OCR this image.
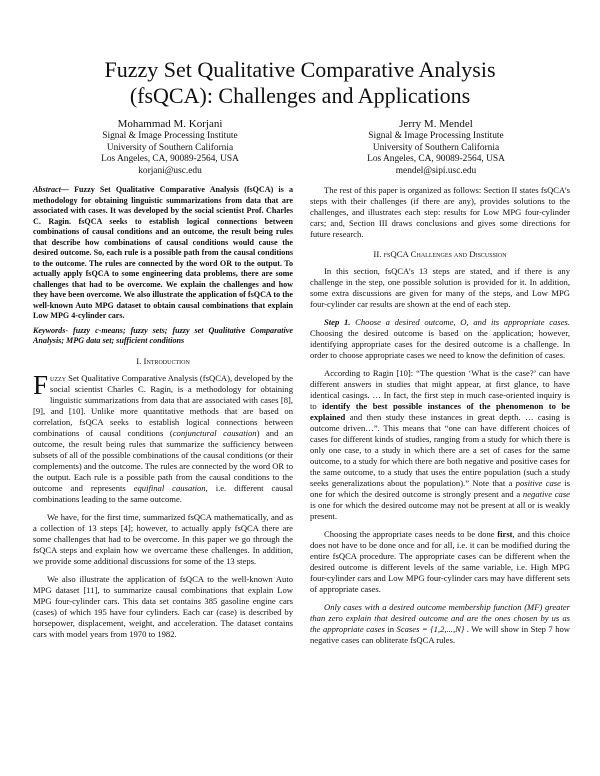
Fuzzy Set Qualitative Comparative Analysis
(fsQCA): Challenges and Applications
Mohammad M. Korjani
Signal & Image Processing Institute
University of Southern California
Los Angeles, CA, 90089-2564, USA
korjani@usc.edu
Jerry M. Mendel
Signal & Image Processing Institute
University of Southern California
Los Angeles, CA, 90089-2564, USA
mendel@sipi.usc.edu

Abstract— Fuzzy Set Qualitative Comparative Analysis (fsQCA) is a methodology for obtaining linguistic summarizations from data that are associated with cases. It was developed by the social scientist Prof. Charles C. Ragin. fsQCA seeks to establish logical connections between combinations of causal conditions and an outcome, the result being rules that describe how combinations of causal conditions would cause the desired outcome. So, each rule is a possible path from the causal conditions to the outcome. The rules are connected by the word OR to the output. To actually apply fsQCA to some engineering data problems, there are some challenges that had to be overcome. We explain the challenges and how they have been overcome. We also illustrate the application of fsQCA to the well-known Auto MPG dataset to obtain causal combinations that explain Low MPG 4-cylinder cars.

Keywords- fuzzy c-means; fuzzy sets; fuzzy set Qualitative Comparative Analysis; MPG data set; sufficient conditions

I. Introduction

Fuzzy Set Qualitative Comparative Analysis (fsQCA), developed by the social scientist Charles C. Ragin, is a methodology for obtaining linguistic summarizations from data that are associated with cases [8], [9], and [10]. Unlike more quantitative methods that are based on correlation, fsQCA seeks to establish logical connections between combinations of causal conditions (conjunctural causation) and an outcome, the result being rules that summarize the sufficiency between subsets of all of the possible combinations of the causal conditions (or their complements) and the outcome. The rules are connected by the word OR to the output. Each rule is a possible path from the causal conditions to the outcome and represents equifinal causation, i.e. different causal combinations leading to the same outcome.

We have, for the first time, summarized fsQCA mathematically, and as a collection of 13 steps [4]; however, to actually apply fsQCA there are some challenges that had to be overcome. In this paper we go through the fsQCA steps and explain how we overcame these challenges. In addition, we provide some additional discussions for some of the 13 steps.

We also illustrate the application of fsQCA to the well-known Auto MPG dataset [11], to summarize causal combinations that explain Low MPG four-cylinder cars. This data set contains 385 gasoline engine cars (cases) of which 195 have four cylinders. Each car (case) is described by horsepower, displacement, weight, and acceleration. The dataset contains cars with model years from 1970 to 1982.

The rest of this paper is organized as follows: Section II states fsQCA’s steps with their challenges (if there are any), provides solutions to the challenges, and illustrates each step: results for Low MPG four-cylinder cars; and, Section III draws conclusions and gives some directions for future research.

II. fsQCA Challenges and Discussion

In this section, fsQCA’s 13 steps are stated, and if there is any challenge in the step, one possible solution is provided for it. In addition, some extra discussions are given for many of the steps, and Low MPG four-cylinder car results are shown at the end of each step.

Step 1. Choose a desired outcome, O, and its appropriate cases. Choosing the desired outcome is based on the application; however, identifying appropriate cases for the desired outcome is a challenge. In order to choose appropriate cases we need to know the definition of cases.

According to Ragin [10]: “The question ‘What is the case?’ can have different answers in studies that might appear, at first glance, to have identical casings. … In fact, the first step in much case-oriented inquiry is to identify the best possible instances of the phenomenon to be explained and then study these instances in great depth. … casing is outcome driven…”. This means that “one can have different choices of cases for different kinds of studies, ranging from a study for which there is only one case, to a study in which there are a set of cases for the same outcome, to a study for which there are both negative and positive cases for the same outcome, to a study that uses the entire population (such a study seeks generalizations about the population).” Note that a positive case is one for which the desired outcome is strongly present and a negative case is one for which the desired outcome may not be present at all or is weakly present.

Choosing the appropriate cases needs to be done first, and this choice does not have to be done once and for all, i.e. it can be modified during the entire fsQCA procedure. The appropriate cases can be different when the desired outcome is different levels of the same variable, i.e. High MPG four-cylinder cars and Low MPG four-cylinder cars may have different sets of appropriate cases.

Only cases with a desired outcome membership function (MF) greater than zero explain that desired outcome and are the ones chosen by us as the appropriate cases in Scases = {1,2,...,N} . We will show in Step 7 how negative cases can obliterate fsQCA rules.
